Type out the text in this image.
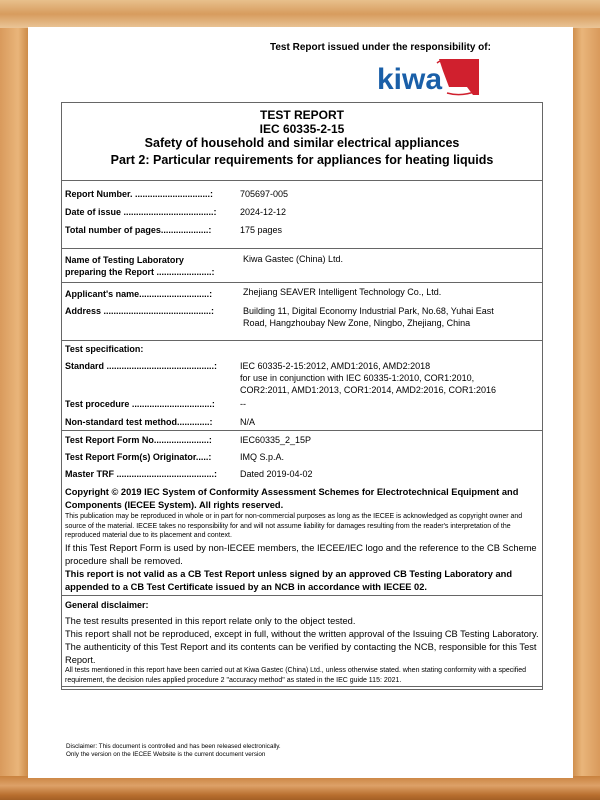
Test Report issued under the responsibility of:
kiwa
TEST REPORT
IEC 60335-2-15
Safety of household and similar electrical appliances
Part 2: Particular requirements for appliances for heating liquids
Report Number. ..............................:	705697-005
Date of issue ....................................:	2024-12-12
Total number of pages...................:	175 pages
Name of Testing Laboratory
preparing the Report ......................:
Kiwa Gastec (China) Ltd.
Applicant's name............................:	Zhejiang SEAVER Intelligent Technology Co., Ltd.
Address ...........................................:	Building 11, Digital Economy Industrial Park, No.68, Yuhai East
Road, Hangzhoubay New Zone, Ningbo, Zhejiang, China
Test specification:
Standard ...........................................:	IEC 60335-2-15:2012, AMD1:2016, AMD2:2018
for use in conjunction with IEC 60335-1:2010, COR1:2010,
COR2:2011, AMD1:2013, COR1:2014, AMD2:2016, COR1:2016
Test procedure ................................:	--
Non-standard test method.............:	N/A
Test Report Form No......................:	IEC60335_2_15P
Test Report Form(s) Originator.....:	IMQ S.p.A.
Master TRF .......................................:	Dated 2019-04-02
Copyright © 2019 IEC System of Conformity Assessment Schemes for Electrotechnical Equipment and Components (IECEE System). All rights reserved.
This publication may be reproduced in whole or in part for non-commercial purposes as long as the IECEE is acknowledged as copyright owner and source of the material. IECEE takes no responsibility for and will not assume liability for damages resulting from the reader's interpretation of the reproduced material due to its placement and context.
If this Test Report Form is used by non-IECEE members, the IECEE/IEC logo and the reference to the CB Scheme procedure shall be removed.
This report is not valid as a CB Test Report unless signed by an approved CB Testing Laboratory and appended to a CB Test Certificate issued by an NCB in accordance with IECEE 02.
General disclaimer:
The test results presented in this report relate only to the object tested.
This report shall not be reproduced, except in full, without the written approval of the Issuing CB Testing Laboratory. The authenticity of this Test Report and its contents can be verified by contacting the NCB, responsible for this Test Report.
All tests mentioned in this report have been carried out at Kiwa Gastec (China) Ltd., unless otherwise stated. when stating conformity with a specified requirement, the decision rules applied procedure 2 "accuracy method" as stated in the IEC guide 115: 2021.
Disclaimer: This document is controlled and has been released electronically.
Only the version on the IECEE Website is the current document version
